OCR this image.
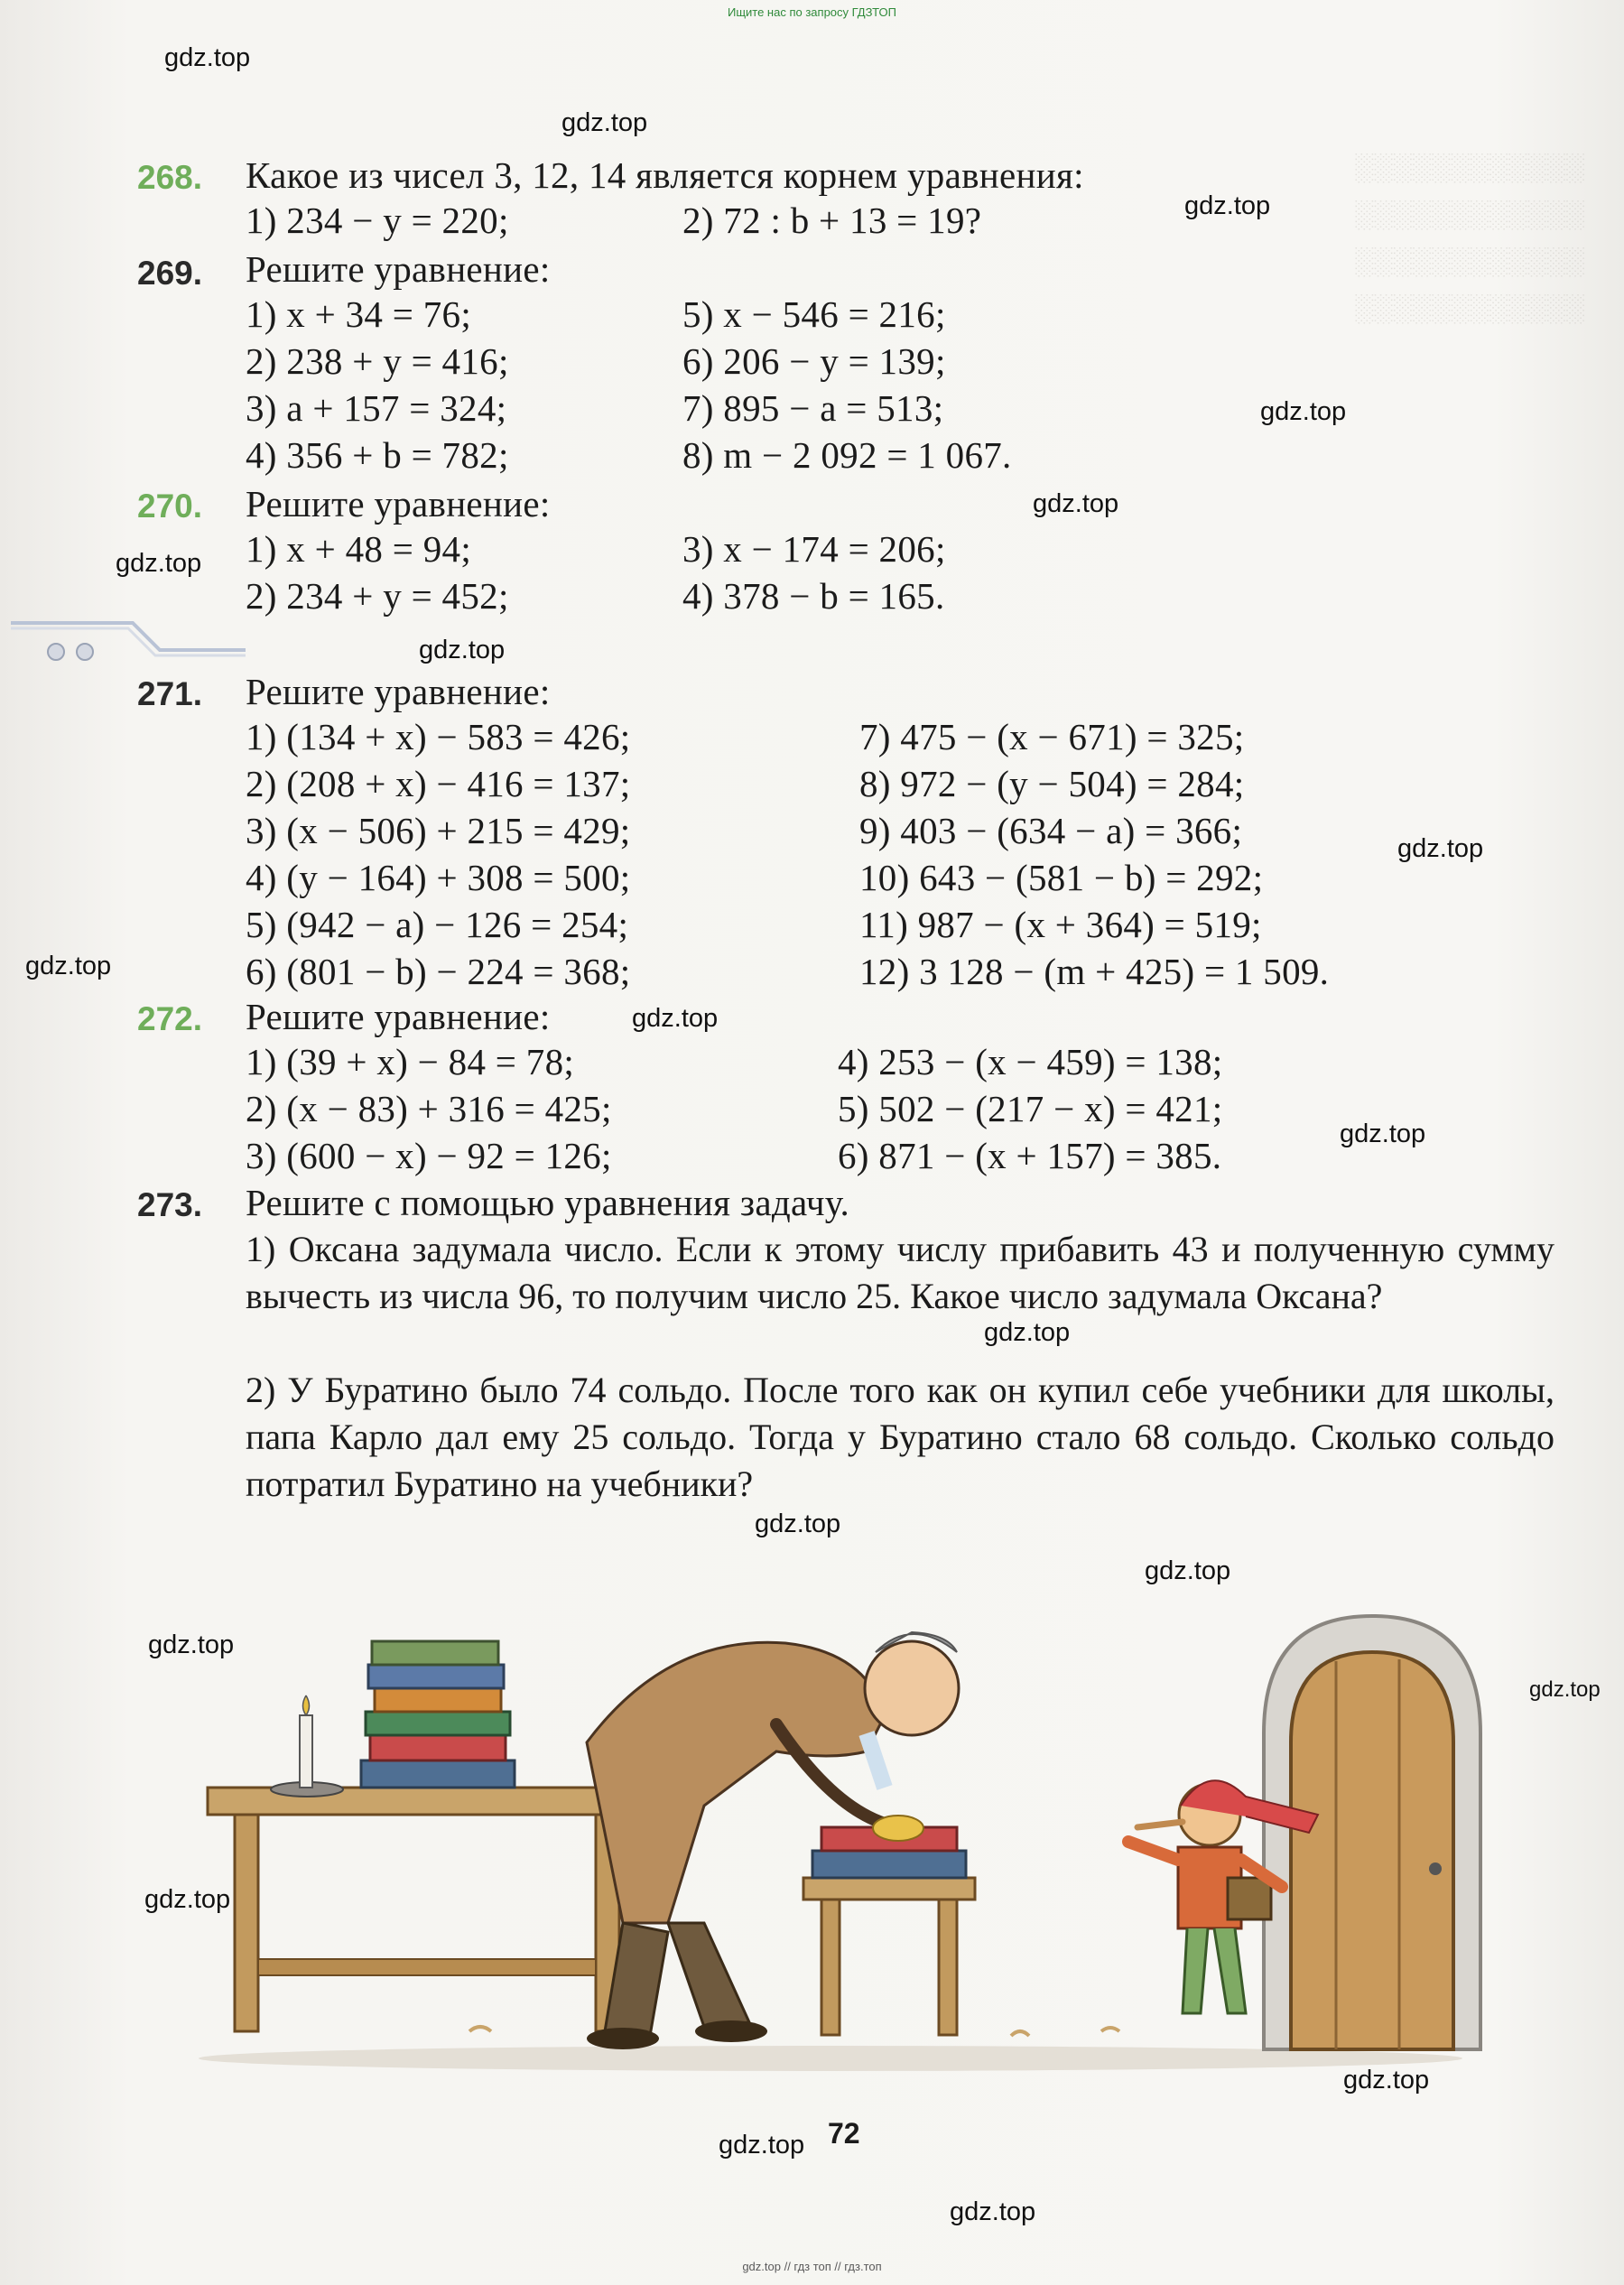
Ищите нас по запросу ГДЗТОП
░░░░░░░░░░░░
░░░░░░░░░░░░
░░░░░░░░░░░░
░░░░░░░░░░░░
268. Какое из чисел 3, 12, 14 является корнем уравнения:
1) 234 − y = 220;	2) 72 : b + 13 = 19?
269. Решите уравнение:
1) x + 34 = 76;	5) x − 546 = 216;
2) 238 + y = 416;	6) 206 − y = 139;
3) a + 157 = 324;	7) 895 − a = 513;
4) 356 + b = 782;	8) m − 2 092 = 1 067.
270. Решите уравнение:
1) x + 48 = 94;	3) x − 174 = 206;
2) 234 + y = 452;	4) 378 − b = 165.
271. Решите уравнение:
1) (134 + x) − 583 = 426;	7) 475 − (x − 671) = 325;
2) (208 + x) − 416 = 137;	8) 972 − (y − 504) = 284;
3) (x − 506) + 215 = 429;	9) 403 − (634 − a) = 366;
4) (y − 164) + 308 = 500;	10) 643 − (581 − b) = 292;
5) (942 − a) − 126 = 254;	11) 987 − (x + 364) = 519;
6) (801 − b) − 224 = 368;	12) 3 128 − (m + 425) = 1 509.
272. Решите уравнение:
1) (39 + x) − 84 = 78;	4) 253 − (x − 459) = 138;
2) (x − 83) + 316 = 425;	5) 502 − (217 − x) = 421;
3) (600 − x) − 92 = 126;	6) 871 − (x + 157) = 385.
273. Решите с помощью уравнения задачу.
1) Оксана задумала число. Если к этому числу прибавить 43 и полученную сумму вычесть из числа 96, то получим число 25. Какое число задумала Оксана?
2) У Буратино было 74 сольдо. После того как он купил себе учебники для школы, папа Карло дал ему 25 сольдо. Тогда у Буратино стало 68 сольдо. Сколько сольдо потратил Буратино на учебники?
72
gdz.top
gdz.top
gdz.top
gdz.top
gdz.top
gdz.top
gdz.top
gdz.top
gdz.top
gdz.top
gdz.top
gdz.top
gdz.top
gdz.top
gdz.top
gdz.top
gdz.top
gdz.top
gdz.top
gdz.top
gdz.top // гдз топ // гдз.топ
